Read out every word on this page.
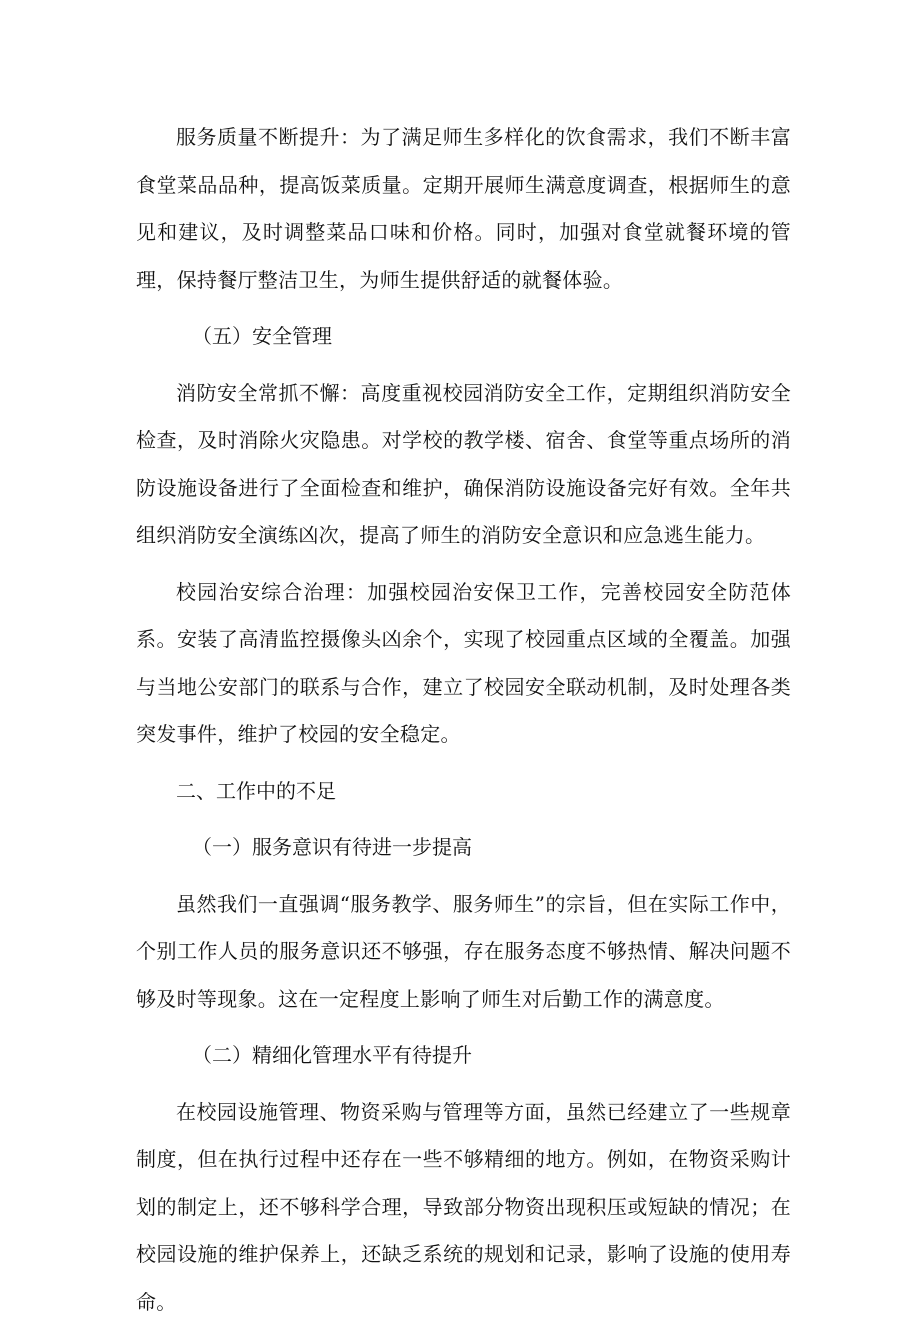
服务质量不断提升：为了满足师生多样化的饮食需求，我们不断丰富食堂菜品品种，提高饭菜质量。定期开展师生满意度调查，根据师生的意见和建议，及时调整菜品口味和价格。同时，加强对食堂就餐环境的管理，保持餐厅整洁卫生，为师生提供舒适的就餐体验。

（五）安全管理

消防安全常抓不懈：高度重视校园消防安全工作，定期组织消防安全检查，及时消除火灾隐患。对学校的教学楼、宿舍、食堂等重点场所的消防设施设备进行了全面检查和维护，确保消防设施设备完好有效。全年共组织消防安全演练凶次，提高了师生的消防安全意识和应急逃生能力。

校园治安综合治理：加强校园治安保卫工作，完善校园安全防范体系。安装了高清监控摄像头凶余个，实现了校园重点区域的全覆盖。加强与当地公安部门的联系与合作，建立了校园安全联动机制，及时处理各类突发事件，维护了校园的安全稳定。

二、工作中的不足

（一）服务意识有待进一步提高

虽然我们一直强调“服务教学、服务师生”的宗旨，但在实际工作中，个别工作人员的服务意识还不够强，存在服务态度不够热情、解决问题不够及时等现象。这在一定程度上影响了师生对后勤工作的满意度。

（二）精细化管理水平有待提升

在校园设施管理、物资采购与管理等方面，虽然已经建立了一些规章制度，但在执行过程中还存在一些不够精细的地方。例如，在物资采购计划的制定上，还不够科学合理，导致部分物资出现积压或短缺的情况；在校园设施的维护保养上，还缺乏系统的规划和记录，影响了设施的使用寿命。
